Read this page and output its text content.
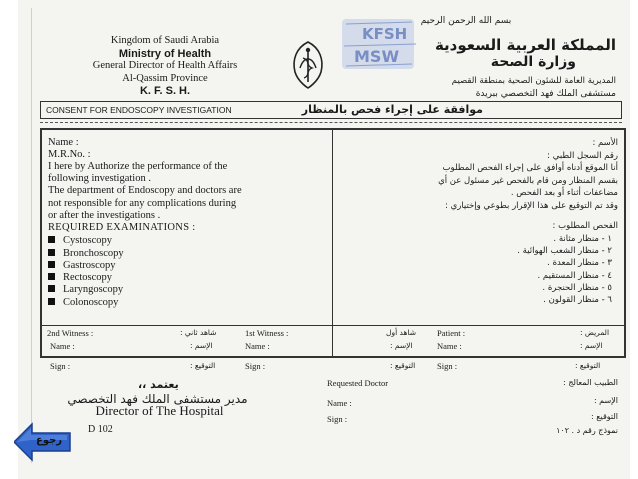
Kingdom of Saudi Arabia
Ministry of Health
General Director of Health Affairs
Al-Qassim Province
K. F. S. H.
بسم الله الرحمن الرحيم
المملكة العربية السعودية
وزارة الصحة
المديرية العامة للشئون الصحية بمنطقة القصيم
مستشفى الملك فهد التخصصي ببريدة
KFSH
MSW
CONSENT FOR ENDOSCOPY INVESTIGATION	موافقة على إجراء فحص بالمنظار
Name :
M.R.No. :
I here by Authorize the performance of the
following investigation .
The department of Endoscopy and doctors are
not responsible for any complications during
or after the investigations .
REQUIRED EXAMINATIONS :
Cystoscopy
Bronchoscopy
Gastroscopy
Rectoscopy
Laryngoscopy
Colonoscopy
الأسم :
رقم السجل الطبي :
أنا الموقع أدناه أوافق على إجراء الفحص المطلوب
بقسم المنظار ومن قام بالفحص غير مسئول عن أي
مضاعفات أثناء أو بعد الفحص .
وقد تم التوقيع على هذا الإقرار بطوعي وإختياري :
الفحص المطلوب :
١ - منظار مثانة .
٢ - منظار الشعب الهوائية .
٣ - منظار المعدة .
٤ - منظار المستقيم .
٥ - منظار الحنجرة .
٦ - منظار القولون .
2nd Witness :	شاهد ثاني :	1st Witness :	شاهد أول Patient :	المريض :
Name :	الإسم :	Name :	الإسم :	Name :	الإسم :
Sign :	التوقيع :	Sign :	التوقيع :	Sign :	التوقيع :
يعتمد ،،
مدير مستشفى الملك فهد التخصصي
Director of The Hospital
D 102
Requested Doctor
Name :
Sign :
الطبيب المعالج :
الإسم :
التوقيع :
نموذج رقم د . ١٠٢
رجوع
